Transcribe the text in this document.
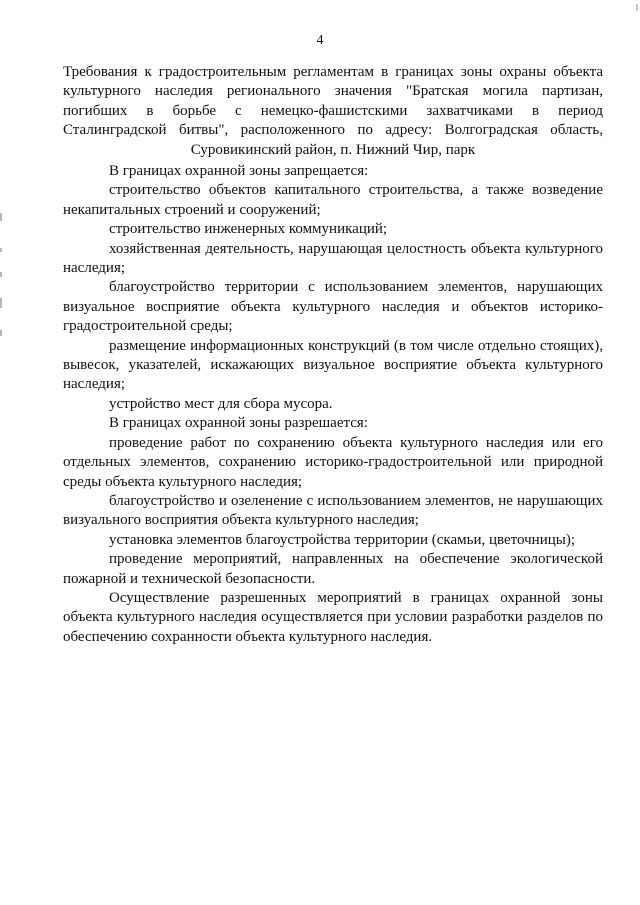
4
Требования к градостроительным регламентам в границах зоны охраны объекта культурного наследия регионального значения "Братская могила партизан, погибших в борьбе с немецко-фашистскими захватчиками в период Сталинградской битвы", расположенного по адресу: Волгоградская область, Суровикинский район, п. Нижний Чир, парк

В границах охранной зоны запрещается:

строительство объектов капитального строительства, а также возведение некапитальных строений и сооружений;

строительство инженерных коммуникаций;

хозяйственная деятельность, нарушающая целостность объекта культурного наследия;

благоустройство территории с использованием элементов, нарушающих визуальное восприятие объекта культурного наследия и объектов историко-градостроительной среды;

размещение информационных конструкций (в том числе отдельно стоящих), вывесок, указателей, искажающих визуальное восприятие объекта культурного наследия;

устройство мест для сбора мусора.

В границах охранной зоны разрешается:

проведение работ по сохранению объекта культурного наследия или его отдельных элементов, сохранению историко-градостроительной или природной среды объекта культурного наследия;

благоустройство и озеленение с использованием элементов, не нарушающих визуального восприятия объекта культурного наследия;

установка элементов благоустройства территории (скамьи, цветочницы);

проведение мероприятий, направленных на обеспечение экологической пожарной и технической безопасности.

Осуществление разрешенных мероприятий в границах охранной зоны объекта культурного наследия осуществляется при условии разработки разделов по обеспечению сохранности объекта культурного наследия.
